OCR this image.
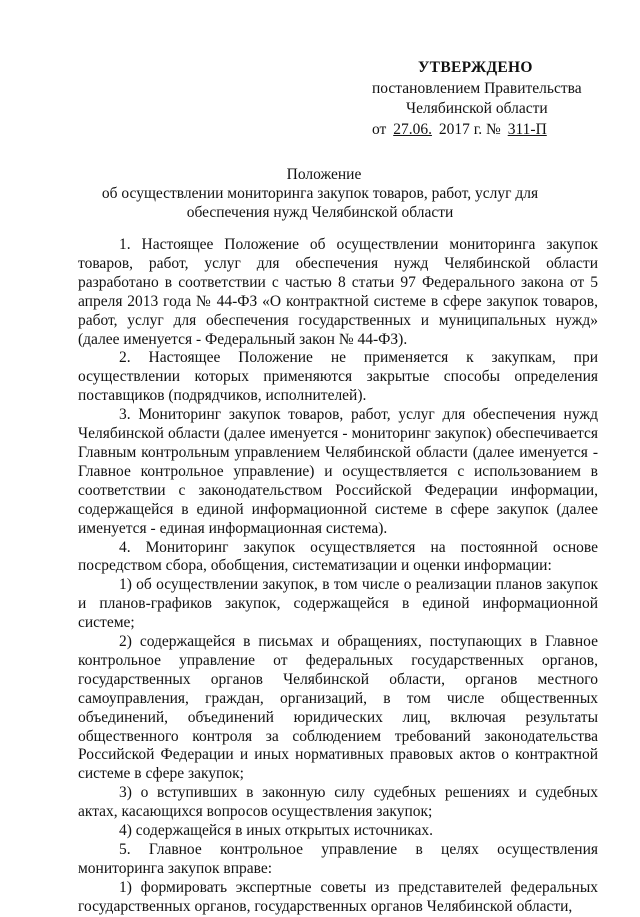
УТВЕРЖДЕНО
постановлением Правительства
Челябинской области
от 27.06. 2017 г. № 311-П
Положение
об осуществлении мониторинга закупок товаров, работ, услуг для
обеспечения нужд Челябинской области

1. Настоящее Положение об осуществлении мониторинга закупок товаров, работ, услуг для обеспечения нужд Челябинской области разработано в соответствии с частью 8 статьи 97 Федерального закона от 5 апреля 2013 года № 44-ФЗ «О контрактной системе в сфере закупок товаров, работ, услуг для обеспечения государственных и муниципальных нужд» (далее именуется - Федеральный закон № 44-ФЗ).

2. Настоящее Положение не применяется к закупкам, при осуществлении которых применяются закрытые способы определения поставщиков (подрядчиков, исполнителей).

3. Мониторинг закупок товаров, работ, услуг для обеспечения нужд Челябинской области (далее именуется - мониторинг закупок) обеспечивается Главным контрольным управлением Челябинской области (далее именуется - Главное контрольное управление) и осуществляется с использованием в соответствии с законодательством Российской Федерации информации, содержащейся в единой информационной системе в сфере закупок (далее именуется - единая информационная система).

4. Мониторинг закупок осуществляется на постоянной основе посредством сбора, обобщения, систематизации и оценки информации:

1) об осуществлении закупок, в том числе о реализации планов закупок и планов-графиков закупок, содержащейся в единой информационной системе;

2) содержащейся в письмах и обращениях, поступающих в Главное контрольное управление от федеральных государственных органов, государственных органов Челябинской области, органов местного самоуправления, граждан, организаций, в том числе общественных объединений, объединений юридических лиц, включая результаты общественного контроля за соблюдением требований законодательства Российской Федерации и иных нормативных правовых актов о контрактной системе в сфере закупок;

3) о вступивших в законную силу судебных решениях и судебных актах, касающихся вопросов осуществления закупок;

4) содержащейся в иных открытых источниках.

5. Главное контрольное управление в целях осуществления мониторинга закупок вправе:

1) формировать экспертные советы из представителей федеральных государственных органов, государственных органов Челябинской области,
